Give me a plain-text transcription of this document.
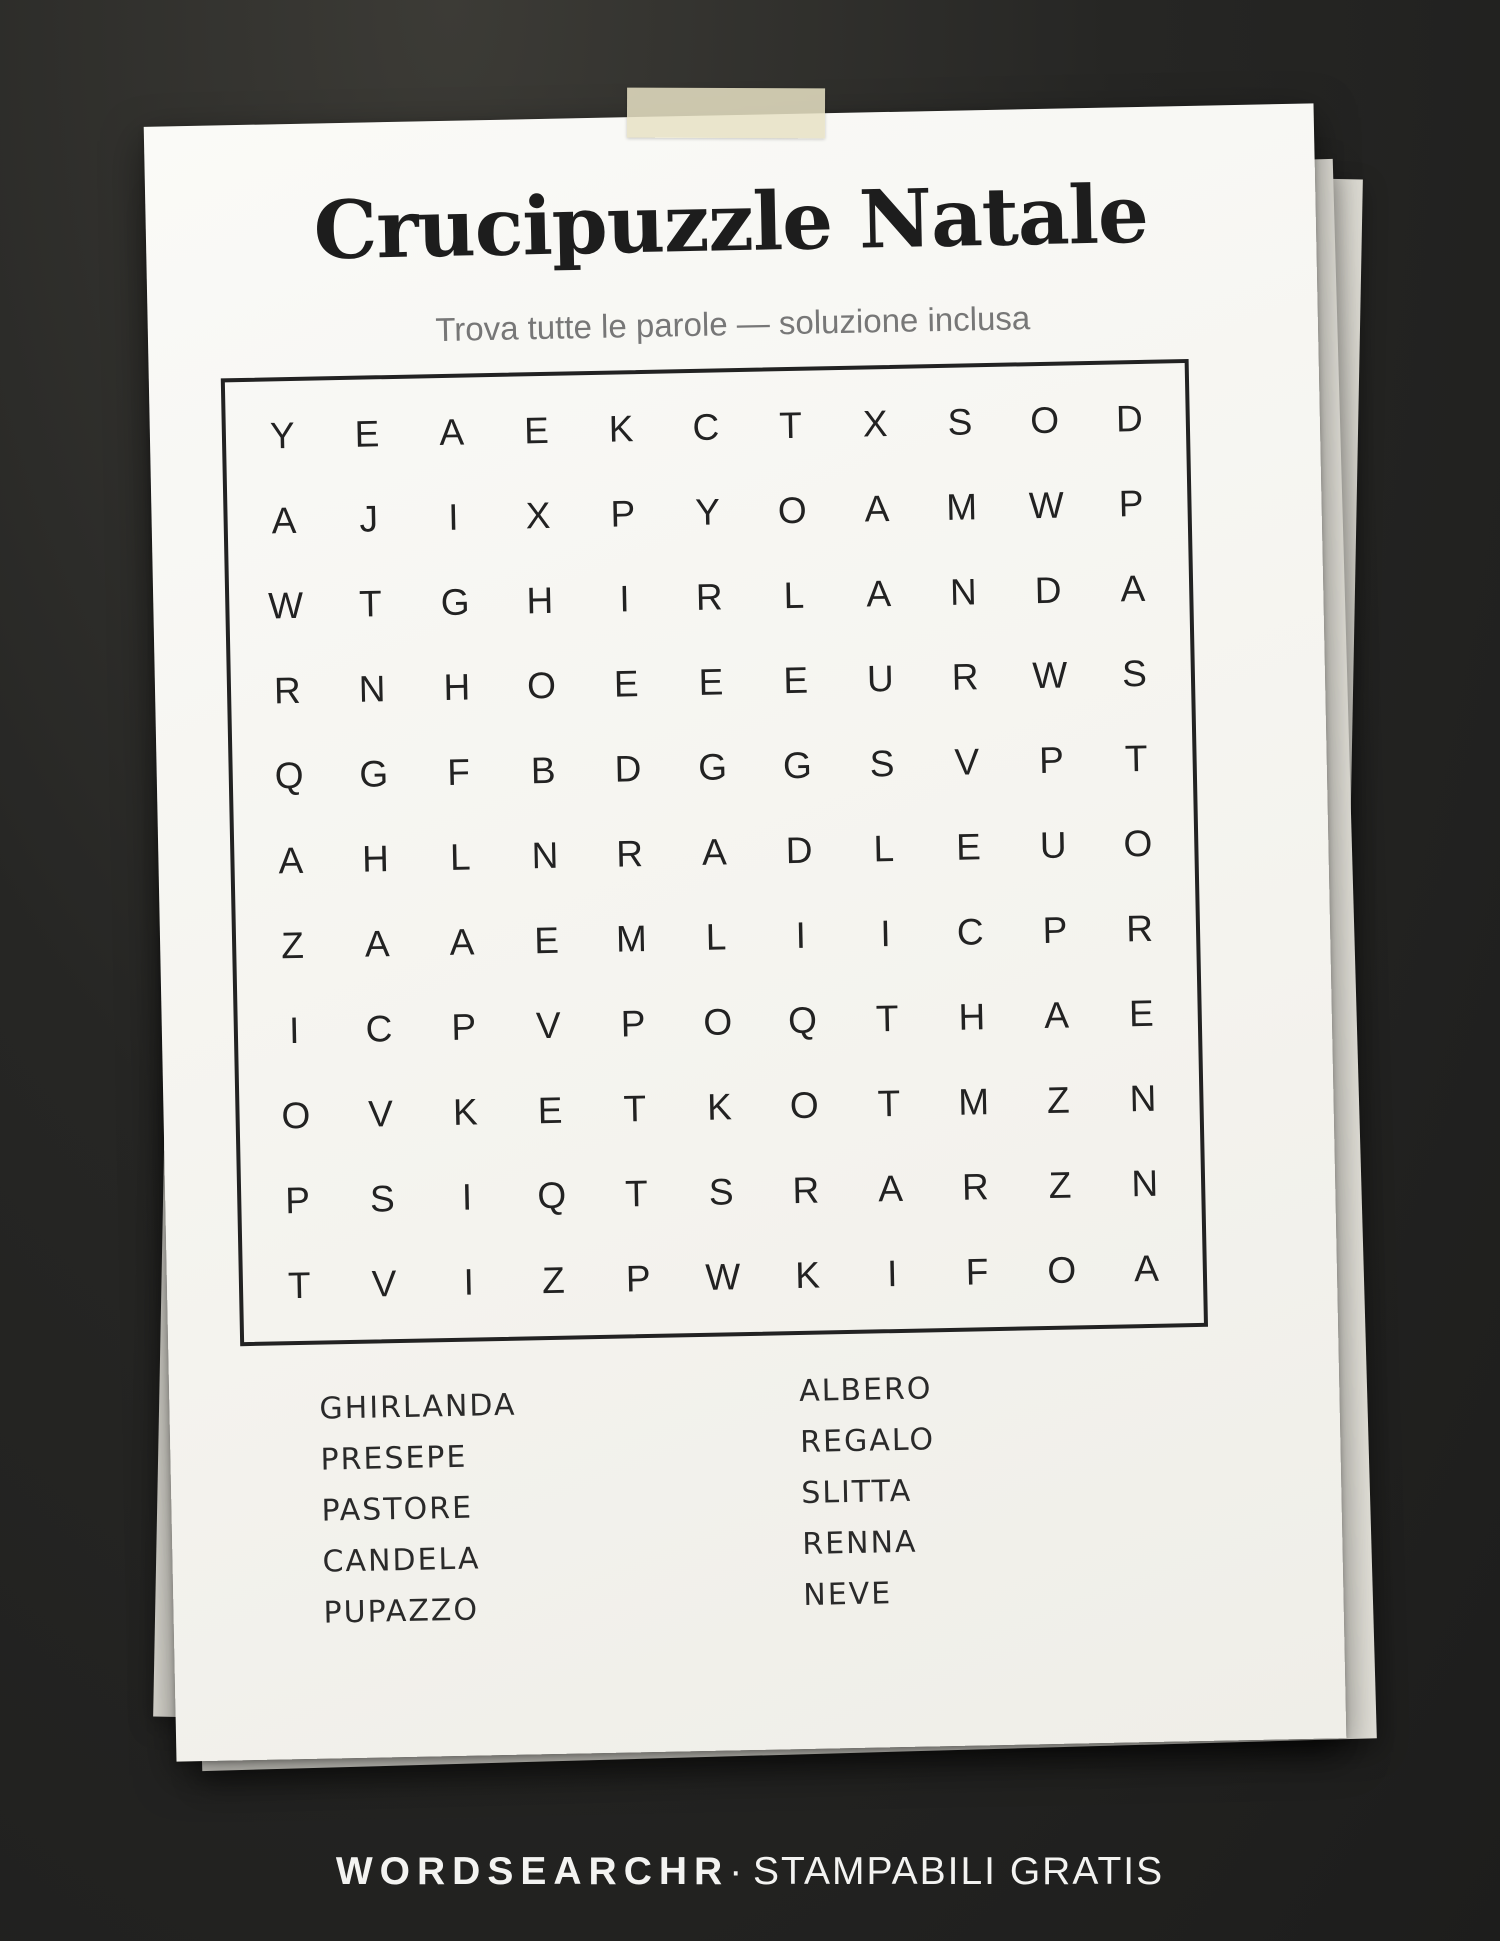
Crucipuzzle Natale
Trova tutte le parole — soluzione inclusa
Y	E	A	E	K	C	T	X	S	O	D
A	J	I	X	P	Y	O	A	M	W	P
W	T	G	H	I	R	L	A	N	D	A
R	N	H	O	E	E	E	U	R	W	S
Q	G	F	B	D	G	G	S	V	P	T
A	H	L	N	R	A	D	L	E	U	O
Z	A	A	E	M	L	I	I	C	P	R
I	C	P	V	P	O	Q	T	H	A	E
O	V	K	E	T	K	O	T	M	Z	N
P	S	I	Q	T	S	R	A	R	Z	N
T	V	I	Z	P	W	K	I	F	O	A
GHIRLANDA
PRESEPE
PASTORE
CANDELA
PUPAZZO
ALBERO
REGALO
SLITTA
RENNA
NEVE
WORDSEARCHR· STAMPABILI GRATIS
